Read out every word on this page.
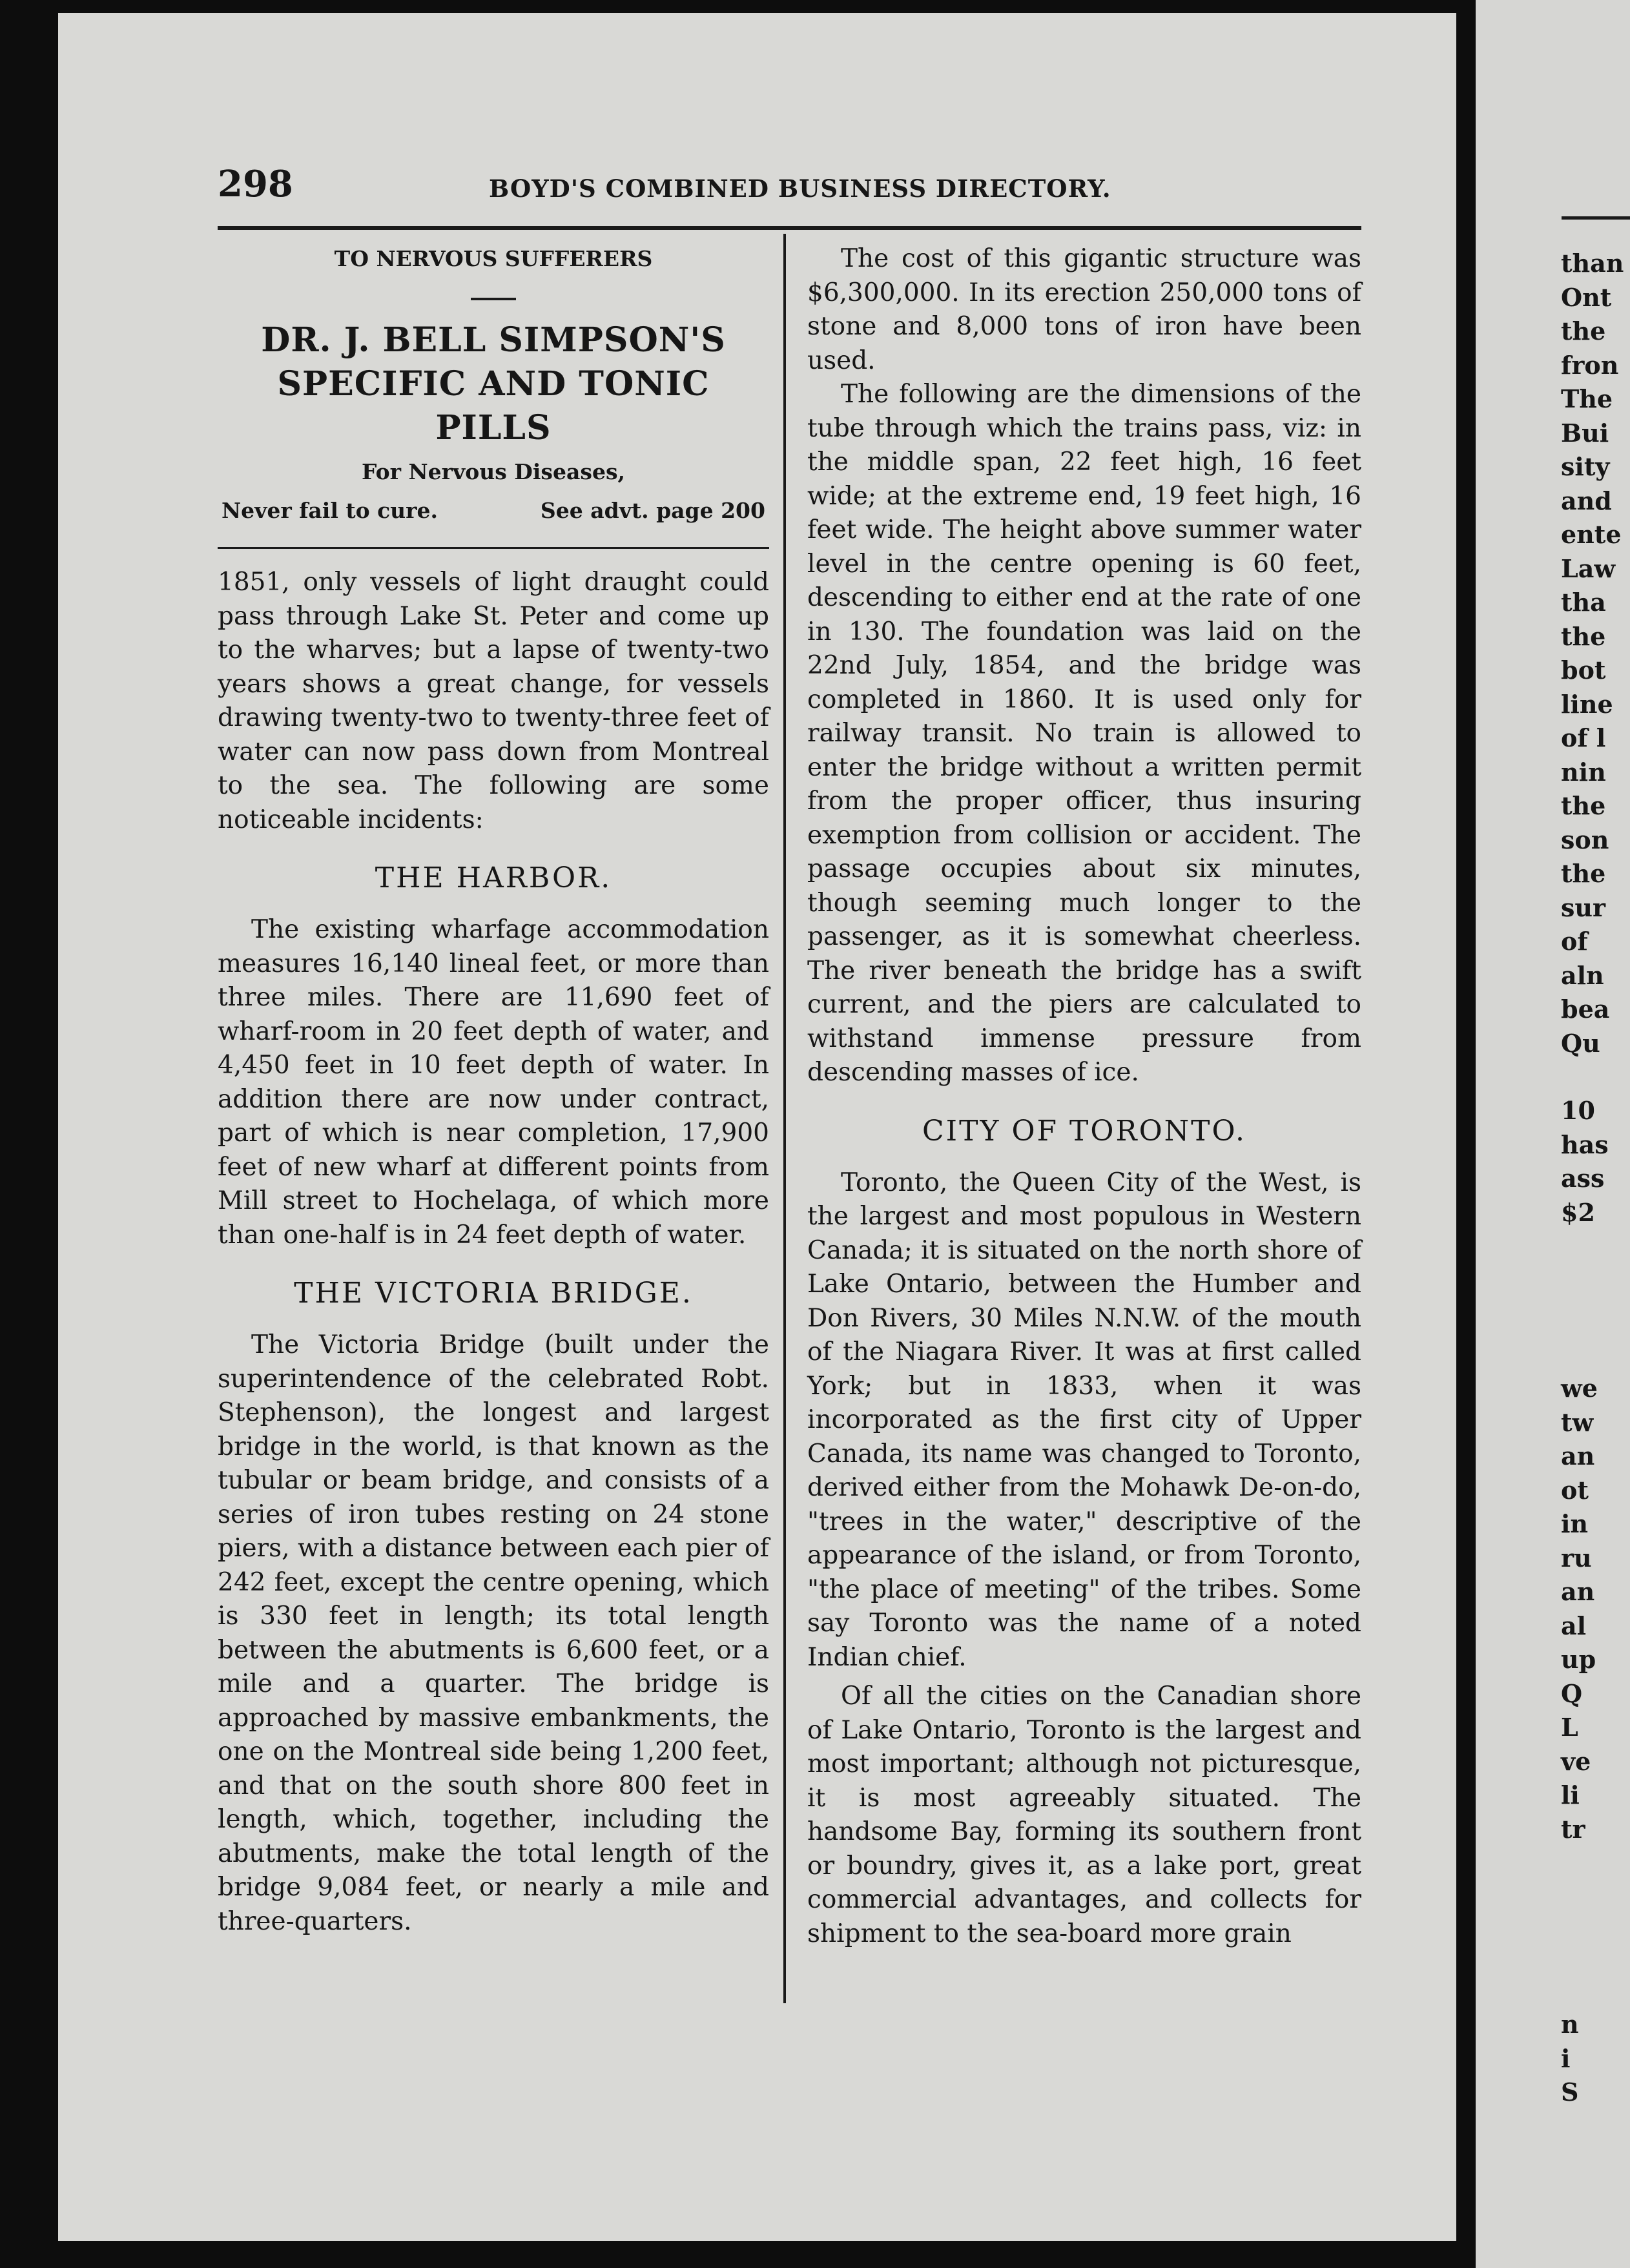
298	BOYD'S COMBINED BUSINESS DIRECTORY.
TO NERVOUS SUFFERERS
DR. J. BELL SIMPSON'S
SPECIFIC AND TONIC PILLS
For Nervous Diseases,
Never fail to cure.	See advt. page 200

1851, only vessels of light draught could pass through Lake St. Peter and come up to the wharves; but a lapse of twenty-two years shows a great change, for vessels drawing twenty-two to twenty-three feet of water can now pass down from Montreal to the sea. The following are some noticeable incidents:

THE HARBOR.

The existing wharfage accommodation measures 16,140 lineal feet, or more than three miles. There are 11,690 feet of wharf-room in 20 feet depth of water, and 4,450 feet in 10 feet depth of water. In addition there are now under contract, part of which is near completion, 17,900 feet of new wharf at different points from Mill street to Hochelaga, of which more than one-half is in 24 feet depth of water.

THE VICTORIA BRIDGE.

The Victoria Bridge (built under the superintendence of the celebrated Robt. Stephenson), the longest and largest bridge in the world, is that known as the tubular or beam bridge, and consists of a series of iron tubes resting on 24 stone piers, with a distance between each pier of 242 feet, except the centre opening, which is 330 feet in length; its total length between the abutments is 6,600 feet, or a mile and a quarter. The bridge is approached by massive embankments, the one on the Montreal side being 1,200 feet, and that on the south shore 800 feet in length, which, together, including the abutments, make the total length of the bridge 9,084 feet, or nearly a mile and three-quarters.

The cost of this gigantic structure was $6,300,000. In its erection 250,000 tons of stone and 8,000 tons of iron have been used.

The following are the dimensions of the tube through which the trains pass, viz: in the middle span, 22 feet high, 16 feet wide; at the extreme end, 19 feet high, 16 feet wide. The height above summer water level in the centre opening is 60 feet, descending to either end at the rate of one in 130. The foundation was laid on the 22nd July, 1854, and the bridge was completed in 1860. It is used only for railway transit. No train is allowed to enter the bridge without a written permit from the proper officer, thus insuring exemption from collision or accident. The passage occupies about six minutes, though seeming much longer to the passenger, as it is somewhat cheerless. The river beneath the bridge has a swift current, and the piers are calculated to withstand immense pressure from descending masses of ice.

CITY OF TORONTO.

Toronto, the Queen City of the West, is the largest and most populous in Western Canada; it is situated on the north shore of Lake Ontario, between the Humber and Don Rivers, 30 Miles N.N.W. of the mouth of the Niagara River. It was at first called York; but in 1833, when it was incorporated as the first city of Upper Canada, its name was changed to Toronto, derived either from the Mohawk De-on-do, "trees in the water," descriptive of the appearance of the island, or from Toronto, "the place of meeting" of the tribes. Some say Toronto was the name of a noted Indian chief.

Of all the cities on the Canadian shore of Lake Ontario, Toronto is the largest and most important; although not picturesque, it is most agreeably situated. The handsome Bay, forming its southern front or boundry, gives it, as a lake port, great commercial advantages, and collects for shipment to the sea-board more grain

than
Ont
the
fron
The
Bui
sity
and
ente
Law
tha
the
bot
line
of l
nin
the
son
the
sur
of
aln
bea
Qu
10
has
ass
$2
we
tw
an
ot
in
ru
an
al
up
Q
L
ve
li
tr
n
i
S
